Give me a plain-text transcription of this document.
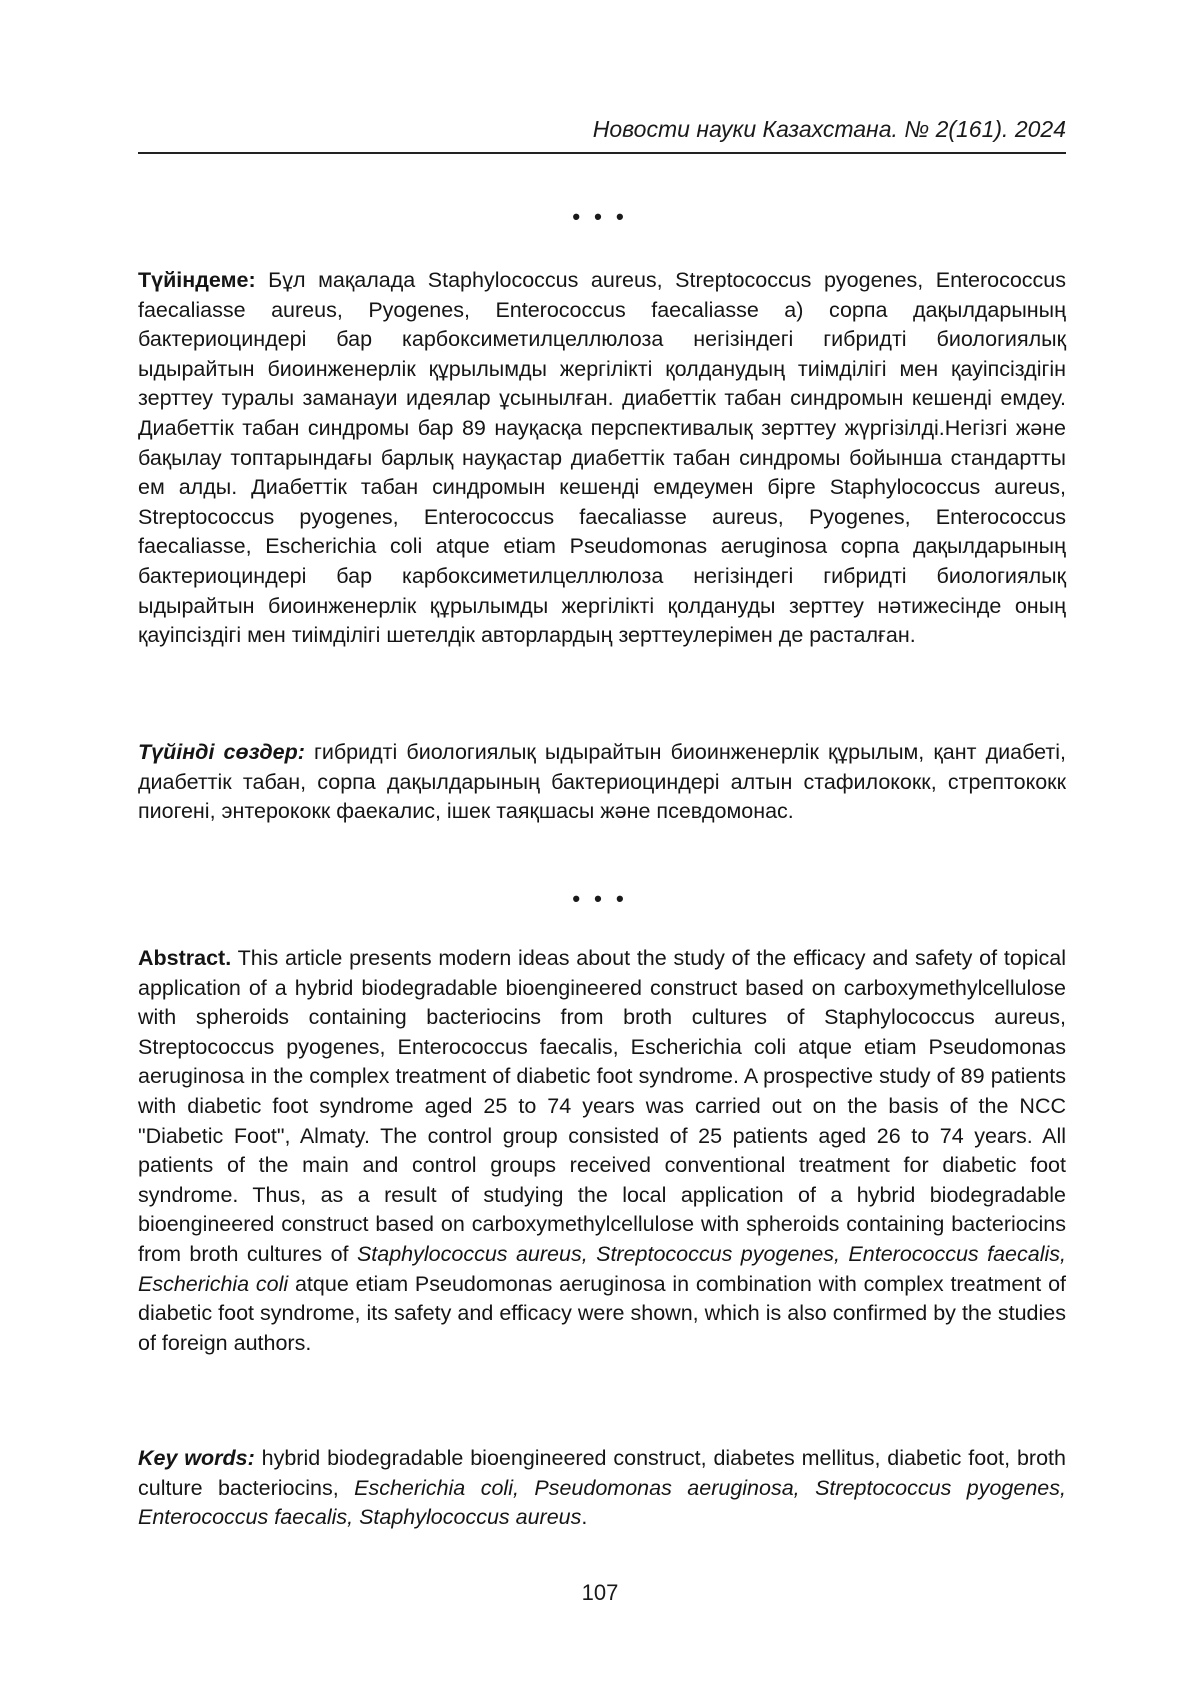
Новости науки Казахстана. № 2(161). 2024
• • •

Түйіндеме: Бұл мақалада Staphylococcus aureus, Streptococcus pyogenes, Enterococcus faecaliasse aureus, Pyogenes, Enterococcus faecaliasse a) сорпа дақылдарының бактериоциндері бар карбоксиметилцеллюлоза негізіндегі гибридті биологиялық ыдырайтын биоинженерлік құрылымды жергілікті қолданудың тиімділігі мен қауіпсіздігін зерттеу туралы заманауи идеялар ұсынылған. диабеттік табан синдромын кешенді емдеу. Диабеттік табан синдромы бар 89 науқасқа перспективалық зерттеу жүргізілді.Негізгі және бақылау топтарындағы барлық науқастар диабеттік табан синдромы бойынша стандартты ем алды. Диабеттік табан синдромын кешенді емдеумен бірге Staphylococcus aureus, Streptococcus pyogenes, Enterococcus faecaliasse aureus, Pyogenes, Enterococcus faecaliasse, Escherichia coli atque etiam Pseudomonas aeruginosa сорпа дақылдарының бактериоциндері бар карбоксиметилцеллюлоза негізіндегі гибридті биологиялық ыдырайтын биоинженерлік құрылымды жергілікті қолдануды зерттеу нәтижесінде оның қауіпсіздігі мен тиімділігі шетелдік авторлардың зерттеулерімен де расталған.

Түйінді сөздер: гибридті биологиялық ыдырайтын биоинженерлік құрылым, қант диабеті, диабеттік табан, сорпа дақылдарының бактериоциндері алтын стафилококк, стрептококк пиогені, энтерококк фаекалис, ішек таяқшасы және псевдомонас.

• • •

Abstract. This article presents modern ideas about the study of the efficacy and safety of topical application of a hybrid biodegradable bioengineered construct based on carboxymethylcellulose with spheroids containing bacteriocins from broth cultures of Staphylococcus aureus, Streptococcus pyogenes, Enterococcus faecalis, Escherichia coli atque etiam Pseudomonas aeruginosa in the complex treatment of diabetic foot syndrome. A prospective study of 89 patients with diabetic foot syndrome aged 25 to 74 years was carried out on the basis of the NCC "Diabetic Foot", Almaty. The control group consisted of 25 patients aged 26 to 74 years. All patients of the main and control groups received conventional treatment for diabetic foot syndrome. Thus, as a result of studying the local application of a hybrid biodegradable bioengineered construct based on carboxymethylcellulose with spheroids containing bacteriocins from broth cultures of Staphylococcus aureus, Streptococcus pyogenes, Enterococcus faecalis, Escherichia coli atque etiam Pseudomonas aeruginosa in combination with complex treatment of diabetic foot syndrome, its safety and efficacy were shown, which is also confirmed by the studies of foreign authors.

Key words: hybrid biodegradable bioengineered construct, diabetes mellitus, diabetic foot, broth culture bacteriocins, Escherichia coli, Pseudomonas aeruginosa, Streptococcus pyogenes, Enterococcus faecalis, Staphylococcus aureus.

107
